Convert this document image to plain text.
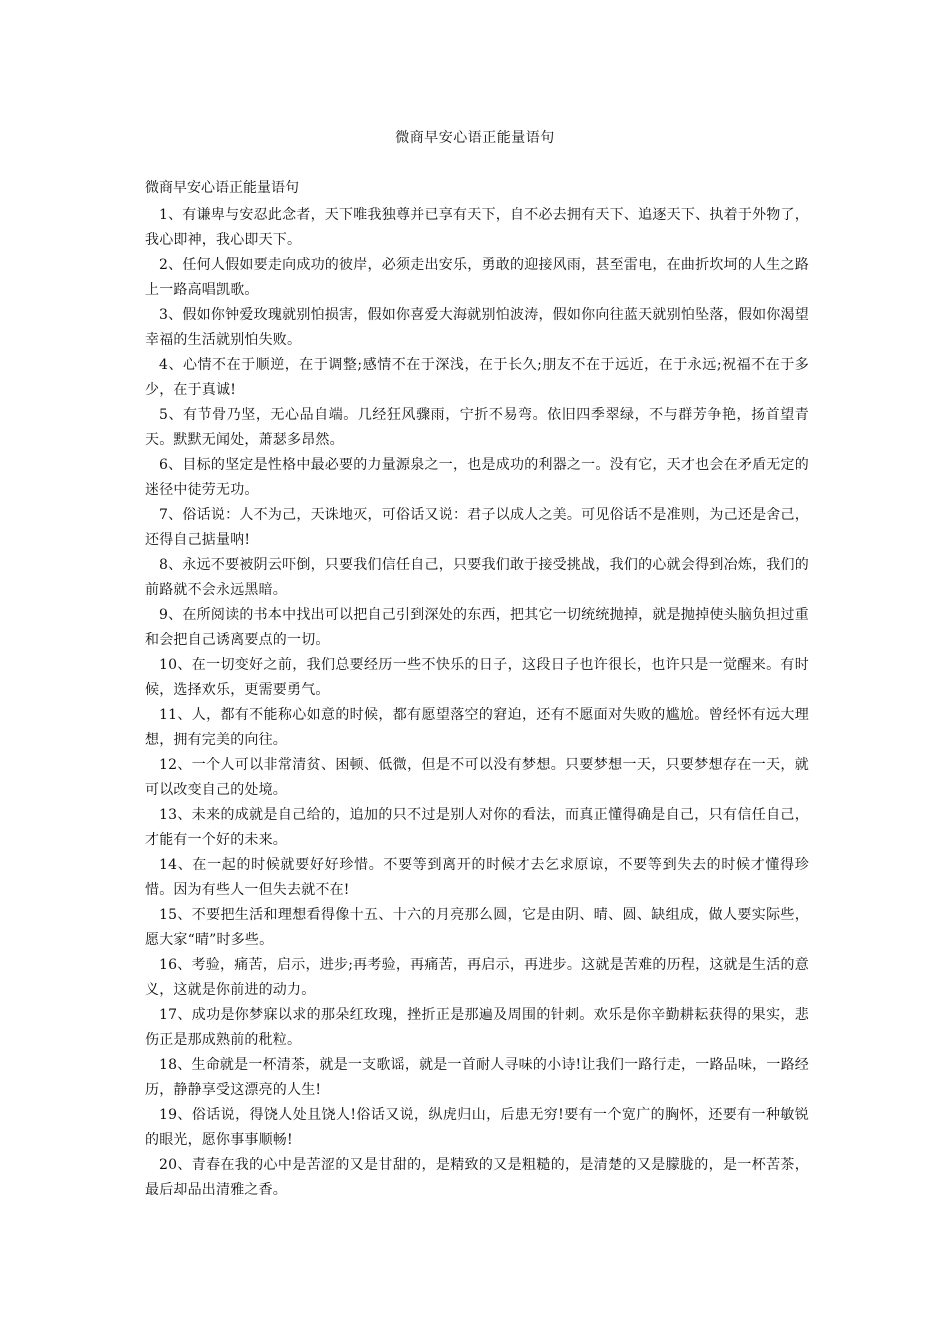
微商早安心语正能量语句
微商早安心语正能量语句

1、有谦卑与安忍此念者，天下唯我独尊并已享有天下，自不必去拥有天下、追逐天下、执着于外物了，我心即神，我心即天下。

2、任何人假如要走向成功的彼岸，必须走出安乐，勇敢的迎接风雨，甚至雷电，在曲折坎坷的人生之路上一路高唱凯歌。

3、假如你钟爱玫瑰就别怕损害，假如你喜爱大海就别怕波涛，假如你向往蓝天就别怕坠落，假如你渴望幸福的生活就别怕失败。

4、心情不在于顺逆，在于调整;感情不在于深浅，在于长久;朋友不在于远近，在于永远;祝福不在于多少，在于真诚!

5、有节骨乃坚，无心品自端。几经狂风骤雨，宁折不易弯。依旧四季翠绿，不与群芳争艳，扬首望青天。默默无闻处，萧瑟多昂然。

6、目标的坚定是性格中最必要的力量源泉之一，也是成功的利器之一。没有它，天才也会在矛盾无定的迷径中徒劳无功。

7、俗话说：人不为己，天诛地灭，可俗话又说：君子以成人之美。可见俗话不是准则，为己还是舍己，还得自己掂量呐!

8、永远不要被阴云吓倒，只要我们信任自己，只要我们敢于接受挑战，我们的心就会得到冶炼，我们的前路就不会永远黑暗。

9、在所阅读的书本中找出可以把自己引到深处的东西，把其它一切统统抛掉，就是抛掉使头脑负担过重和会把自己诱离要点的一切。

10、在一切变好之前，我们总要经历一些不快乐的日子，这段日子也许很长，也许只是一觉醒来。有时候，选择欢乐，更需要勇气。

11、人，都有不能称心如意的时候，都有愿望落空的窘迫，还有不愿面对失败的尴尬。曾经怀有远大理想，拥有完美的向往。

12、一个人可以非常清贫、困顿、低微，但是不可以没有梦想。只要梦想一天，只要梦想存在一天，就可以改变自己的处境。

13、未来的成就是自己给的，追加的只不过是别人对你的看法，而真正懂得确是自己，只有信任自己，才能有一个好的未来。

14、在一起的时候就要好好珍惜。不要等到离开的时候才去乞求原谅，不要等到失去的时候才懂得珍惜。因为有些人一但失去就不在!

15、不要把生活和理想看得像十五、十六的月亮那么圆，它是由阴、晴、圆、缺组成，做人要实际些，愿大家“晴”时多些。

16、考验，痛苦，启示，进步;再考验，再痛苦，再启示，再进步。这就是苦难的历程，这就是生活的意义，这就是你前进的动力。

17、成功是你梦寐以求的那朵红玫瑰，挫折正是那遍及周围的针刺。欢乐是你辛勤耕耘获得的果实，悲伤正是那成熟前的秕粒。

18、生命就是一杯清茶，就是一支歌谣，就是一首耐人寻味的小诗!让我们一路行走，一路品味，一路经历，静静享受这漂亮的人生!

19、俗话说，得饶人处且饶人!俗话又说，纵虎归山，后患无穷!要有一个宽广的胸怀，还要有一种敏锐的眼光，愿你事事顺畅!

20、青春在我的心中是苦涩的又是甘甜的，是精致的又是粗糙的，是清楚的又是朦胧的，是一杯苦茶，最后却品出清雅之香。
